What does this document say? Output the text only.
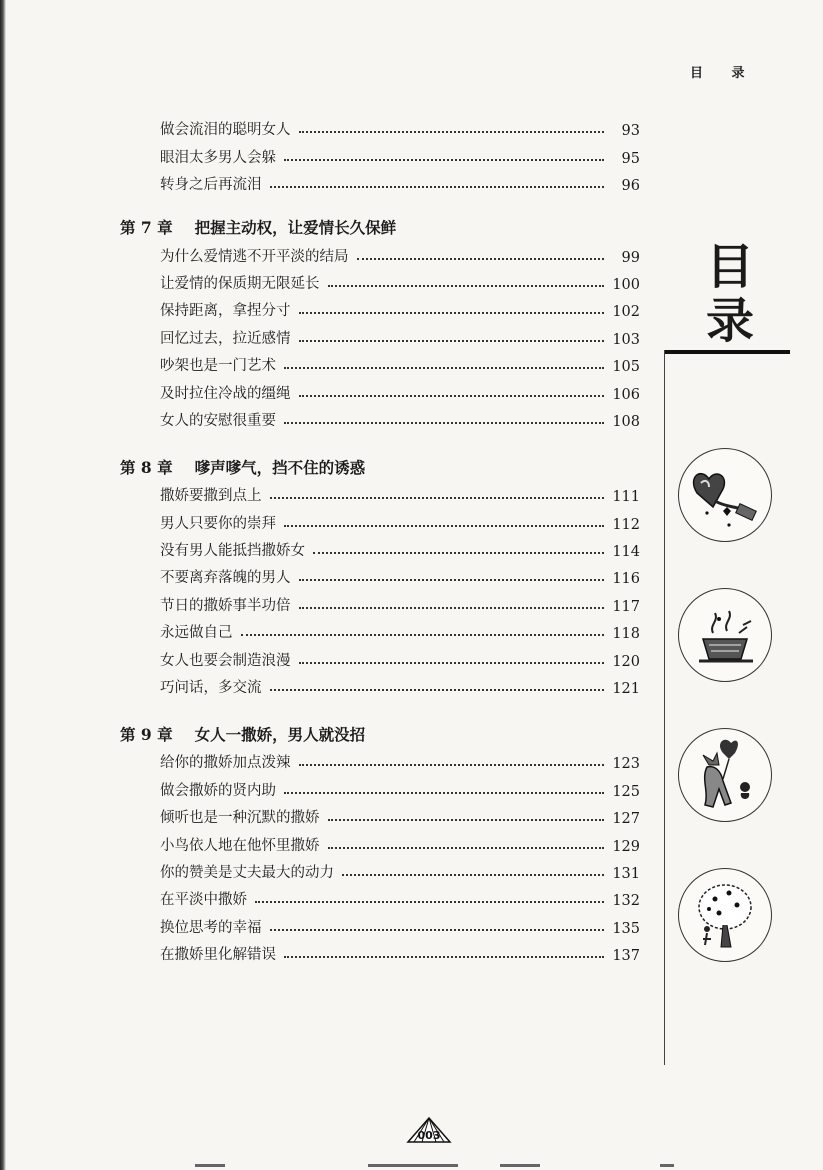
目 录
做会流泪的聪明女人	93
眼泪太多男人会躲	95
转身之后再流泪	96
第 7 章 把握主动权，让爱情长久保鲜
为什么爱情逃不开平淡的结局	99
让爱情的保质期无限延长	100
保持距离，拿捏分寸	102
回忆过去，拉近感情	103
吵架也是一门艺术	105
及时拉住冷战的缰绳	106
女人的安慰很重要	108
第 8 章 嗲声嗲气，挡不住的诱惑
撒娇要撒到点上	111
男人只要你的崇拜	112
没有男人能抵挡撒娇女	114
不要离弃落魄的男人	116
节日的撒娇事半功倍	117
永远做自己	118
女人也要会制造浪漫	120
巧问话，多交流	121
第 9 章 女人一撒娇，男人就没招
给你的撒娇加点泼辣	123
做会撒娇的贤内助	125
倾听也是一种沉默的撒娇	127
小鸟依人地在他怀里撒娇	129
你的赞美是丈夫最大的动力	131
在平淡中撒娇	132
换位思考的幸福	135
在撒娇里化解错误	137
目
录
003
